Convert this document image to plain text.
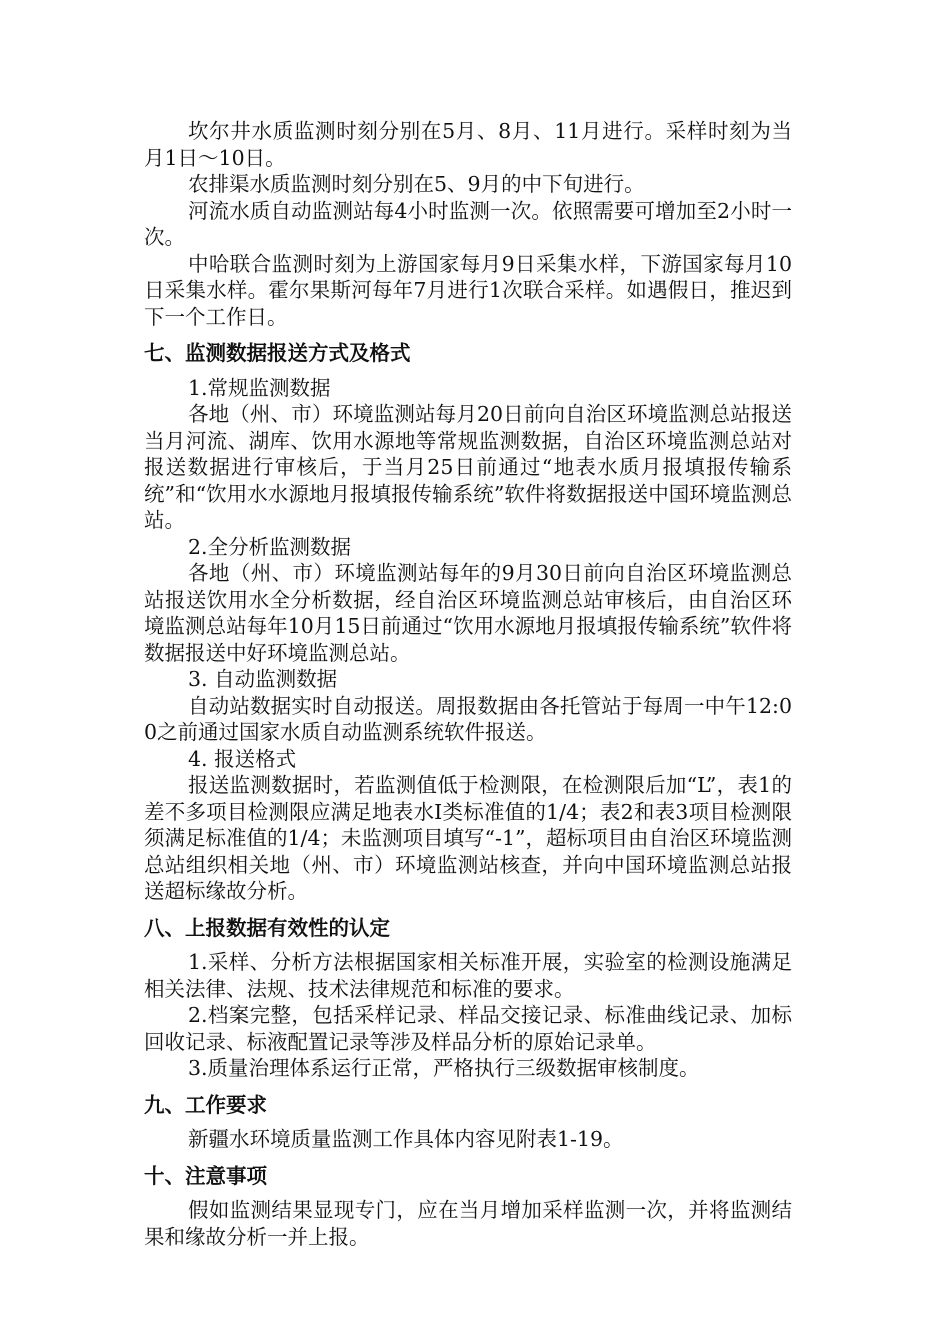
坎尔井水质监测时刻分别在5月、8月、11月进行。采样时刻为当月1日～10日。

农排渠水质监测时刻分别在5、9月的中下旬进行。

河流水质自动监测站每4小时监测一次。依照需要可增加至2小时一次。

中哈联合监测时刻为上游国家每月9日采集水样，下游国家每月10日采集水样。霍尔果斯河每年7月进行1次联合采样。如遇假日，推迟到下一个工作日。

七、监测数据报送方式及格式

1.常规监测数据

各地（州、市）环境监测站每月20日前向自治区环境监测总站报送当月河流、湖库、饮用水源地等常规监测数据，自治区环境监测总站对报送数据进行审核后，于当月25日前通过“地表水质月报填报传输系统”和“饮用水水源地月报填报传输系统”软件将数据报送中国环境监测总站。

2.全分析监测数据

各地（州、市）环境监测站每年的9月30日前向自治区环境监测总站报送饮用水全分析数据，经自治区环境监测总站审核后，由自治区环境监测总站每年10月15日前通过“饮用水源地月报填报传输系统”软件将数据报送中好环境监测总站。

3. 自动监测数据

自动站数据实时自动报送。周报数据由各托管站于每周一中午12:00之前通过国家水质自动监测系统软件报送。

4. 报送格式

报送监测数据时，若监测值低于检测限，在检测限后加“L”，表1的差不多项目检测限应满足地表水Ⅰ类标准值的1/4；表2和表3项目检测限须满足标准值的1/4；未监测项目填写“-1”，超标项目由自治区环境监测总站组织相关地（州、市）环境监测站核查，并向中国环境监测总站报送超标缘故分析。

八、上报数据有效性的认定

1.采样、分析方法根据国家相关标准开展，实验室的检测设施满足相关法律、法规、技术法律规范和标准的要求。

2.档案完整，包括采样记录、样品交接记录、标准曲线记录、加标回收记录、标液配置记录等涉及样品分析的原始记录单。

3.质量治理体系运行正常，严格执行三级数据审核制度。

九、工作要求

新疆水环境质量监测工作具体内容见附表1-19。

十、注意事项

假如监测结果显现专门，应在当月增加采样监测一次，并将监测结果和缘故分析一并上报。
